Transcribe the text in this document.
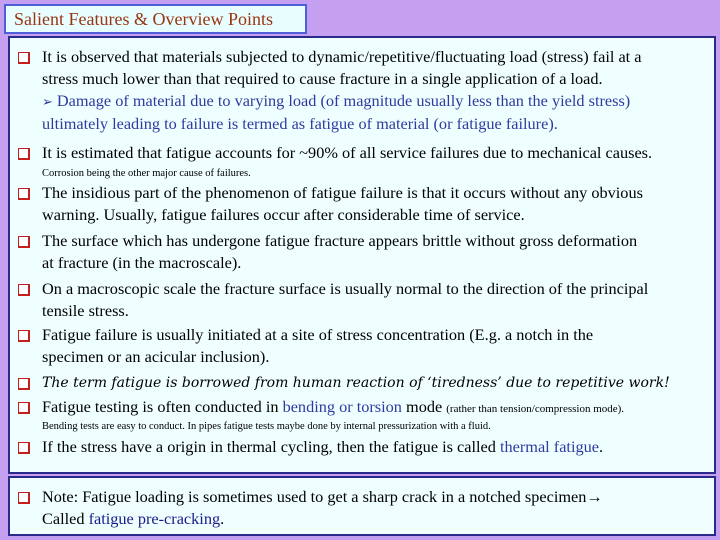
Salient Features & Overview Points
It is observed that materials subjected to dynamic/repetitive/fluctuating load (stress) fail at a
stress much lower than that required to cause fracture in a single application of a load.
➢ Damage of material due to varying load (of magnitude usually less than the yield stress)
ultimately leading to failure is termed as fatigue of material (or fatigue failure).
It is estimated that fatigue accounts for ~90% of all service failures due to mechanical causes.
Corrosion being the other major cause of failures.
The insidious part of the phenomenon of fatigue failure is that it occurs without any obvious
warning. Usually, fatigue failures occur after considerable time of service.
The surface which has undergone fatigue fracture appears brittle without gross deformation
at fracture (in the macroscale).
On a macroscopic scale the fracture surface is usually normal to the direction of the principal
tensile stress.
Fatigue failure is usually initiated at a site of stress concentration (E.g. a notch in the
specimen or an acicular inclusion).
The term fatigue is borrowed from human reaction of ‘tiredness’ due to repetitive work!
Fatigue testing is often conducted in bending or torsion mode (rather than tension/compression mode).
Bending tests are easy to conduct. In pipes fatigue tests maybe done by internal pressurization with a fluid.
If the stress have a origin in thermal cycling, then the fatigue is called thermal fatigue.
Note: Fatigue loading is sometimes used to get a sharp crack in a notched specimen→
Called fatigue pre-cracking.
